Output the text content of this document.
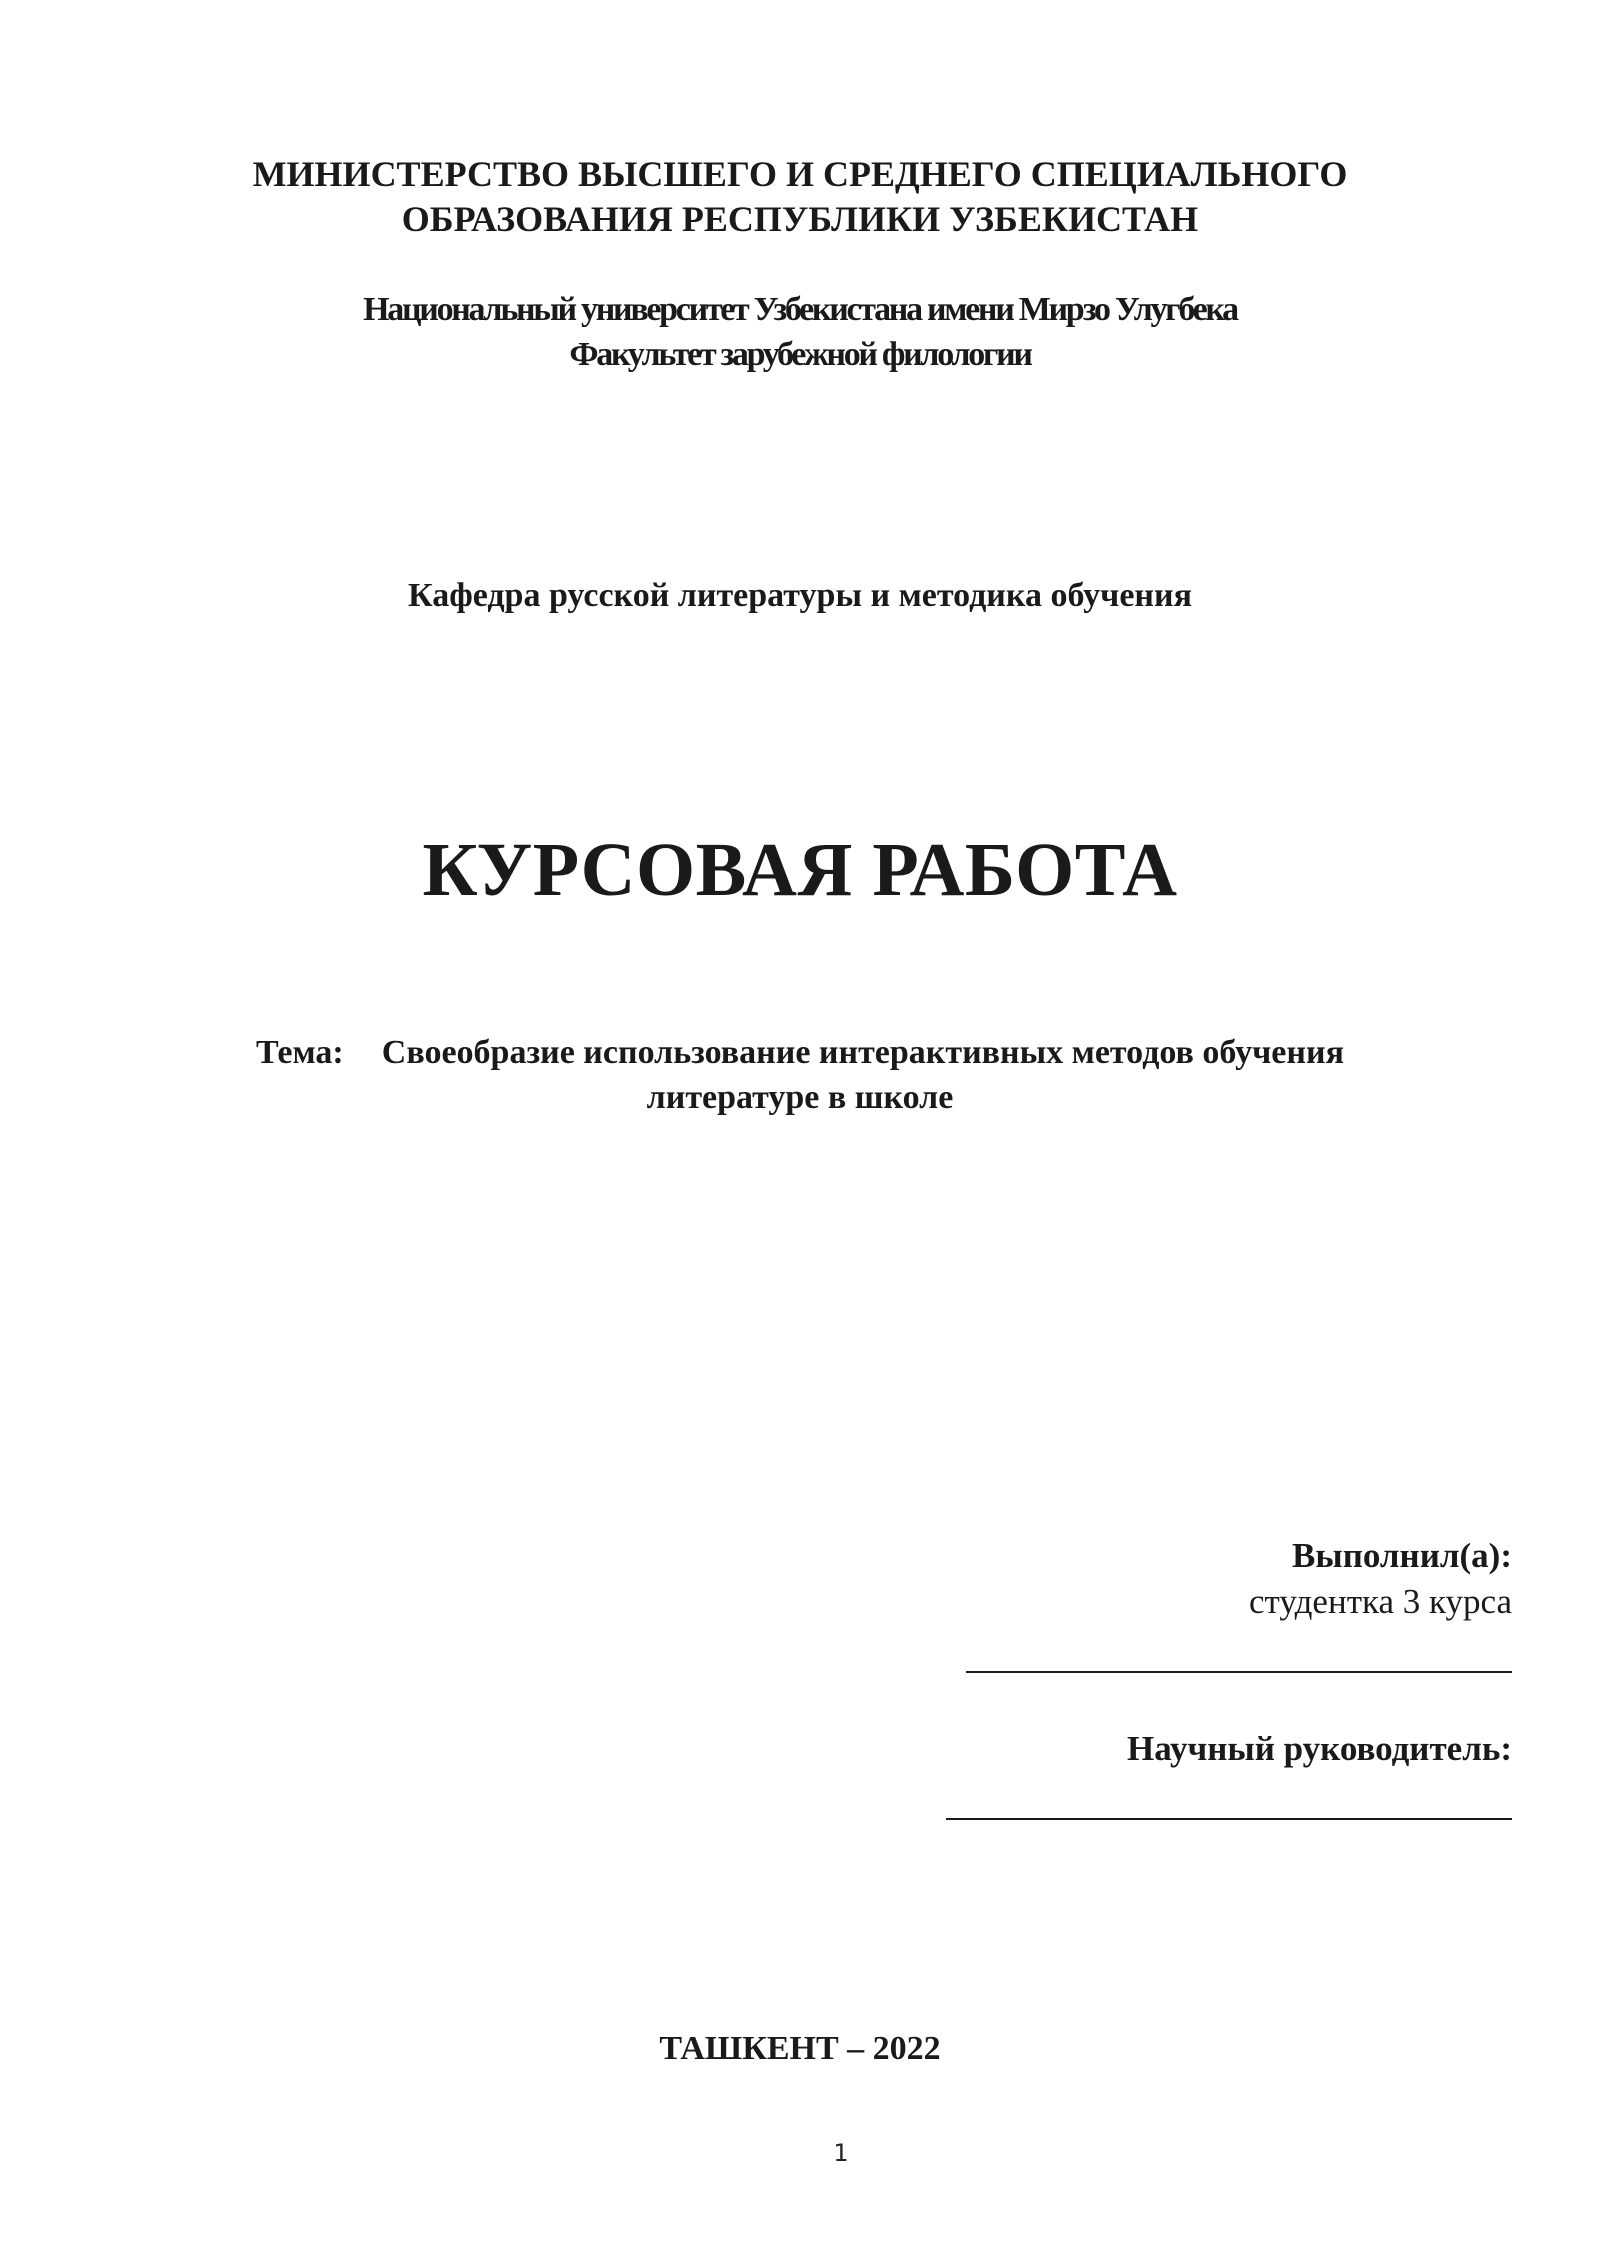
МИНИСТЕРСТВО ВЫСШЕГО И СРЕДНЕГО СПЕЦИАЛЬНОГО
ОБРАЗОВАНИЯ РЕСПУБЛИКИ УЗБЕКИСТАН
Национальный университет Узбекистана имени Мирзо Улугбека
Факультет зарубежной филологии
Кафедра русской литературы и методика обучения
КУРСОВАЯ РАБОТА
Тема: Своеобразие использование интерактивных методов обучения
литературе в школе
Выполнил(а):
студентка 3 курса
Научный руководитель:
ТАШКЕНТ – 2022
1
